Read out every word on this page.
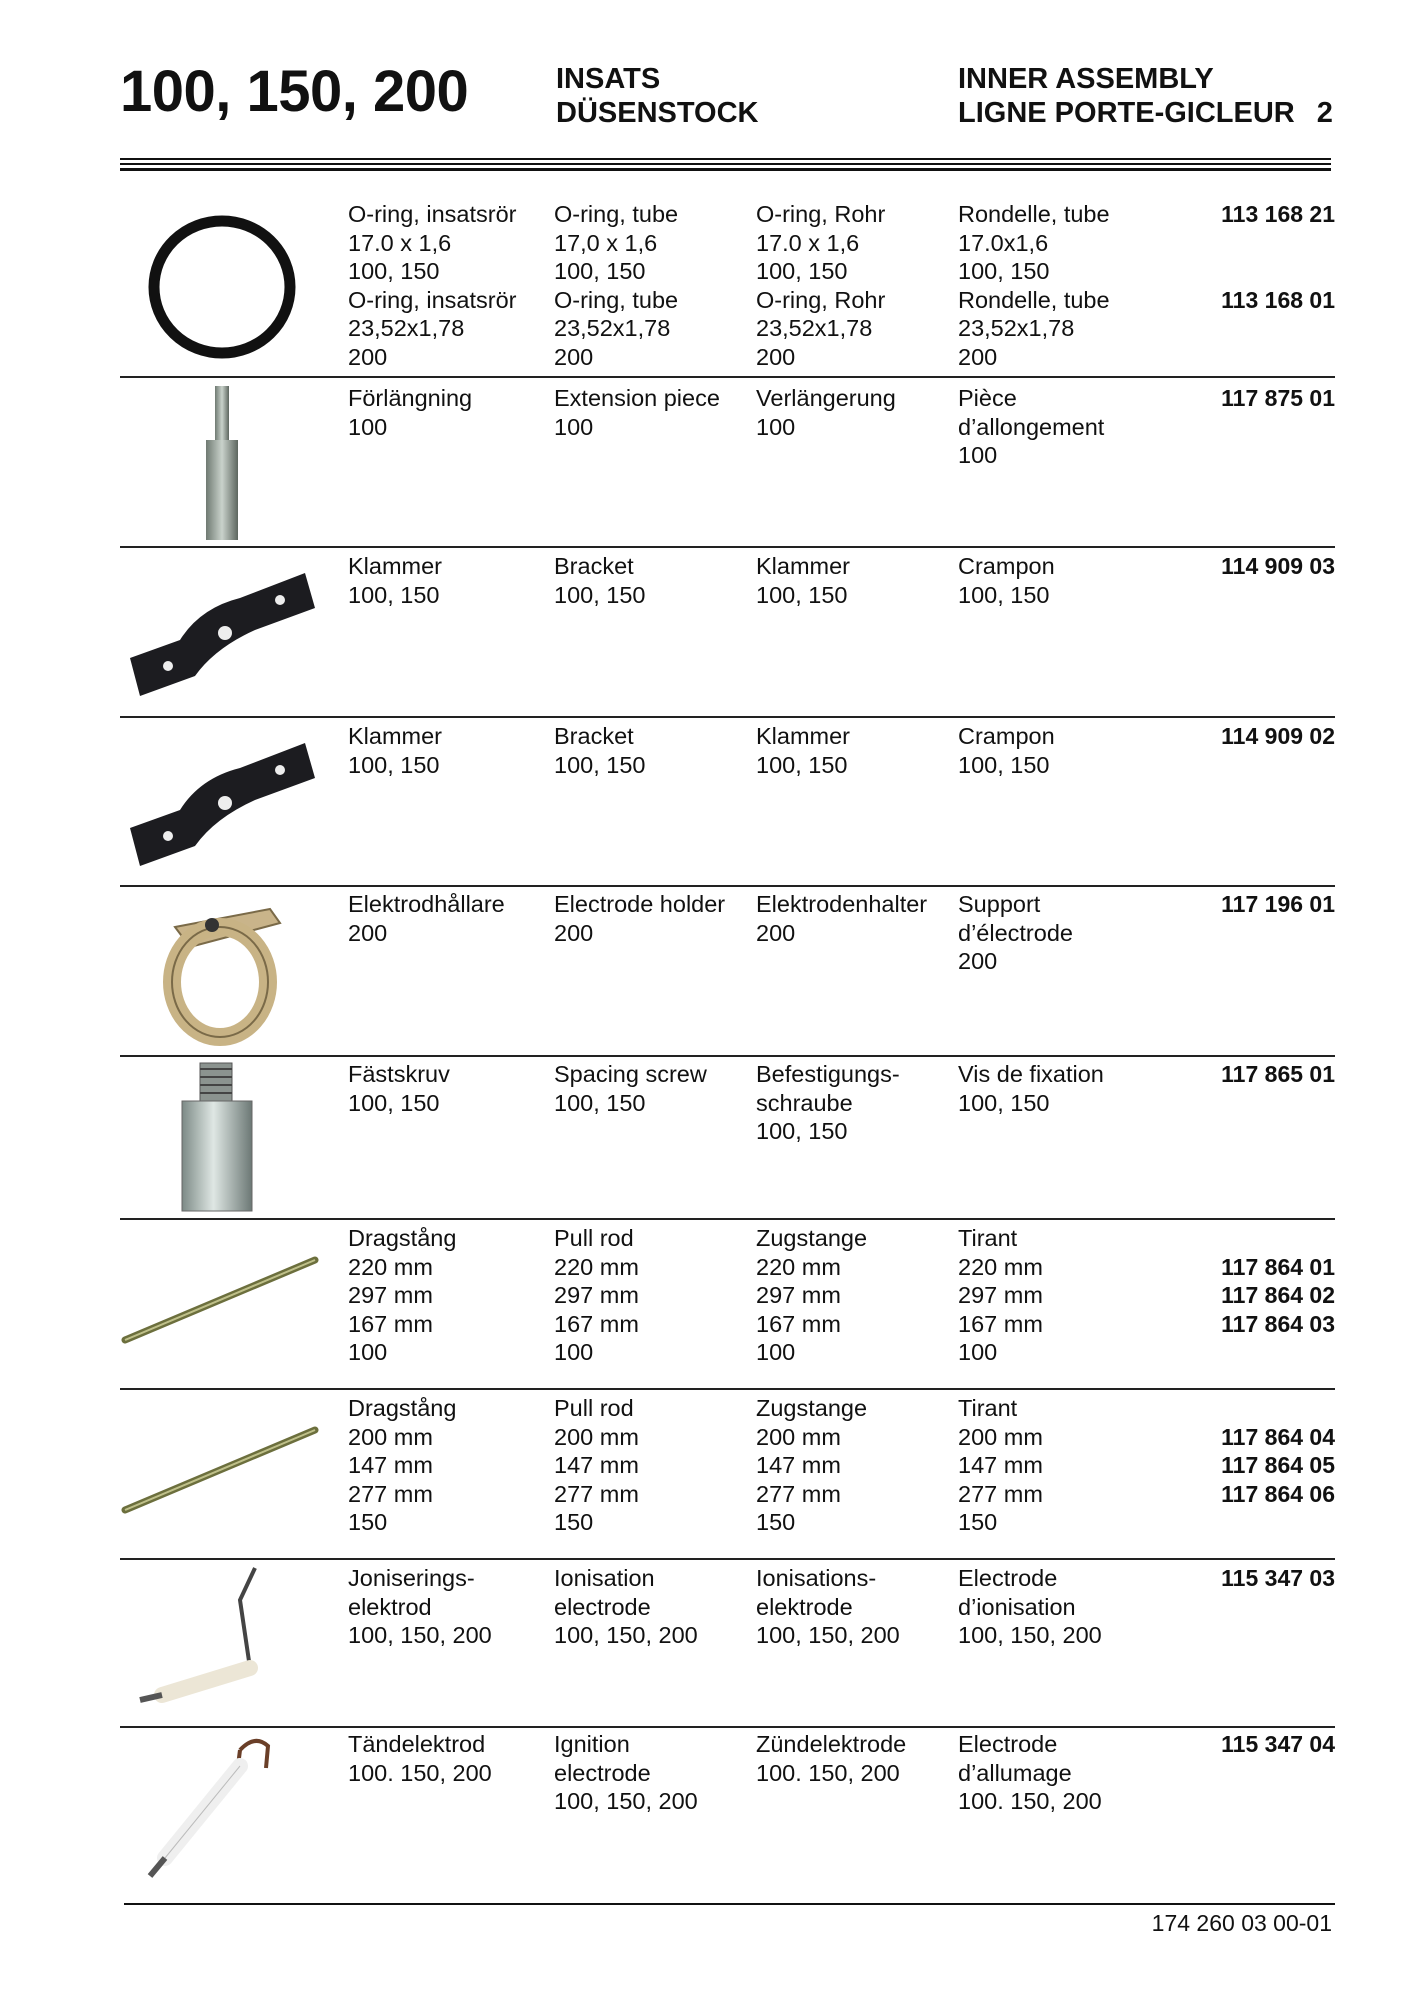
100, 150, 200	INSATS
DÜSENSTOCK
INNER ASSEMBLY
LIGNE PORTE-GICLEUR 2
O-ring, insatsrör
17.0 x 1,6
100, 150
O-ring, insatsrör
23,52x1,78
200
O-ring, tube
17,0 x 1,6
100, 150
O-ring, tube
23,52x1,78
200
O-ring, Rohr
17.0 x 1,6
100, 150
O-ring, Rohr
23,52x1,78
200
Rondelle, tube
17.0x1,6
100, 150
Rondelle, tube
23,52x1,78
200
113 168 21
113 168 01
Förlängning
100
Extension piece
100
Verlängerung
100
Pièce
d’allongement
100
117 875 01
Klammer
100, 150
Bracket
100, 150
Klammer
100, 150
Crampon
100, 150
114 909 03
Klammer
100, 150
Bracket
100, 150
Klammer
100, 150
Crampon
100, 150
114 909 02
Elektrodhållare
200
Electrode holder
200
Elektrodenhalter
200
Support
d’électrode
200
117 196 01
Fästskruv
100, 150
Spacing screw
100, 150
Befestigungs-
schraube
100, 150
Vis de fixation
100, 150
117 865 01
Dragstång
220 mm
297 mm
167 mm
100
Pull rod
220 mm
297 mm
167 mm
100
Zugstange
220 mm
297 mm
167 mm
100
Tirant
220 mm
297 mm
167 mm
100
117 864 01
117 864 02
117 864 03
Dragstång
200 mm
147 mm
277 mm
150
Pull rod
200 mm
147 mm
277 mm
150
Zugstange
200 mm
147 mm
277 mm
150
Tirant
200 mm
147 mm
277 mm
150
117 864 04
117 864 05
117 864 06
Joniserings-
elektrod
100, 150, 200
Ionisation
electrode
100, 150, 200
Ionisations-
elektrode
100, 150, 200
Electrode
d’ionisation
100, 150, 200
115 347 03
Tändelektrod
100. 150, 200
Ignition
electrode
100, 150, 200
Zündelektrode
100. 150, 200
Electrode
d’allumage
100. 150, 200
115 347 04
174 260 03 00-01
